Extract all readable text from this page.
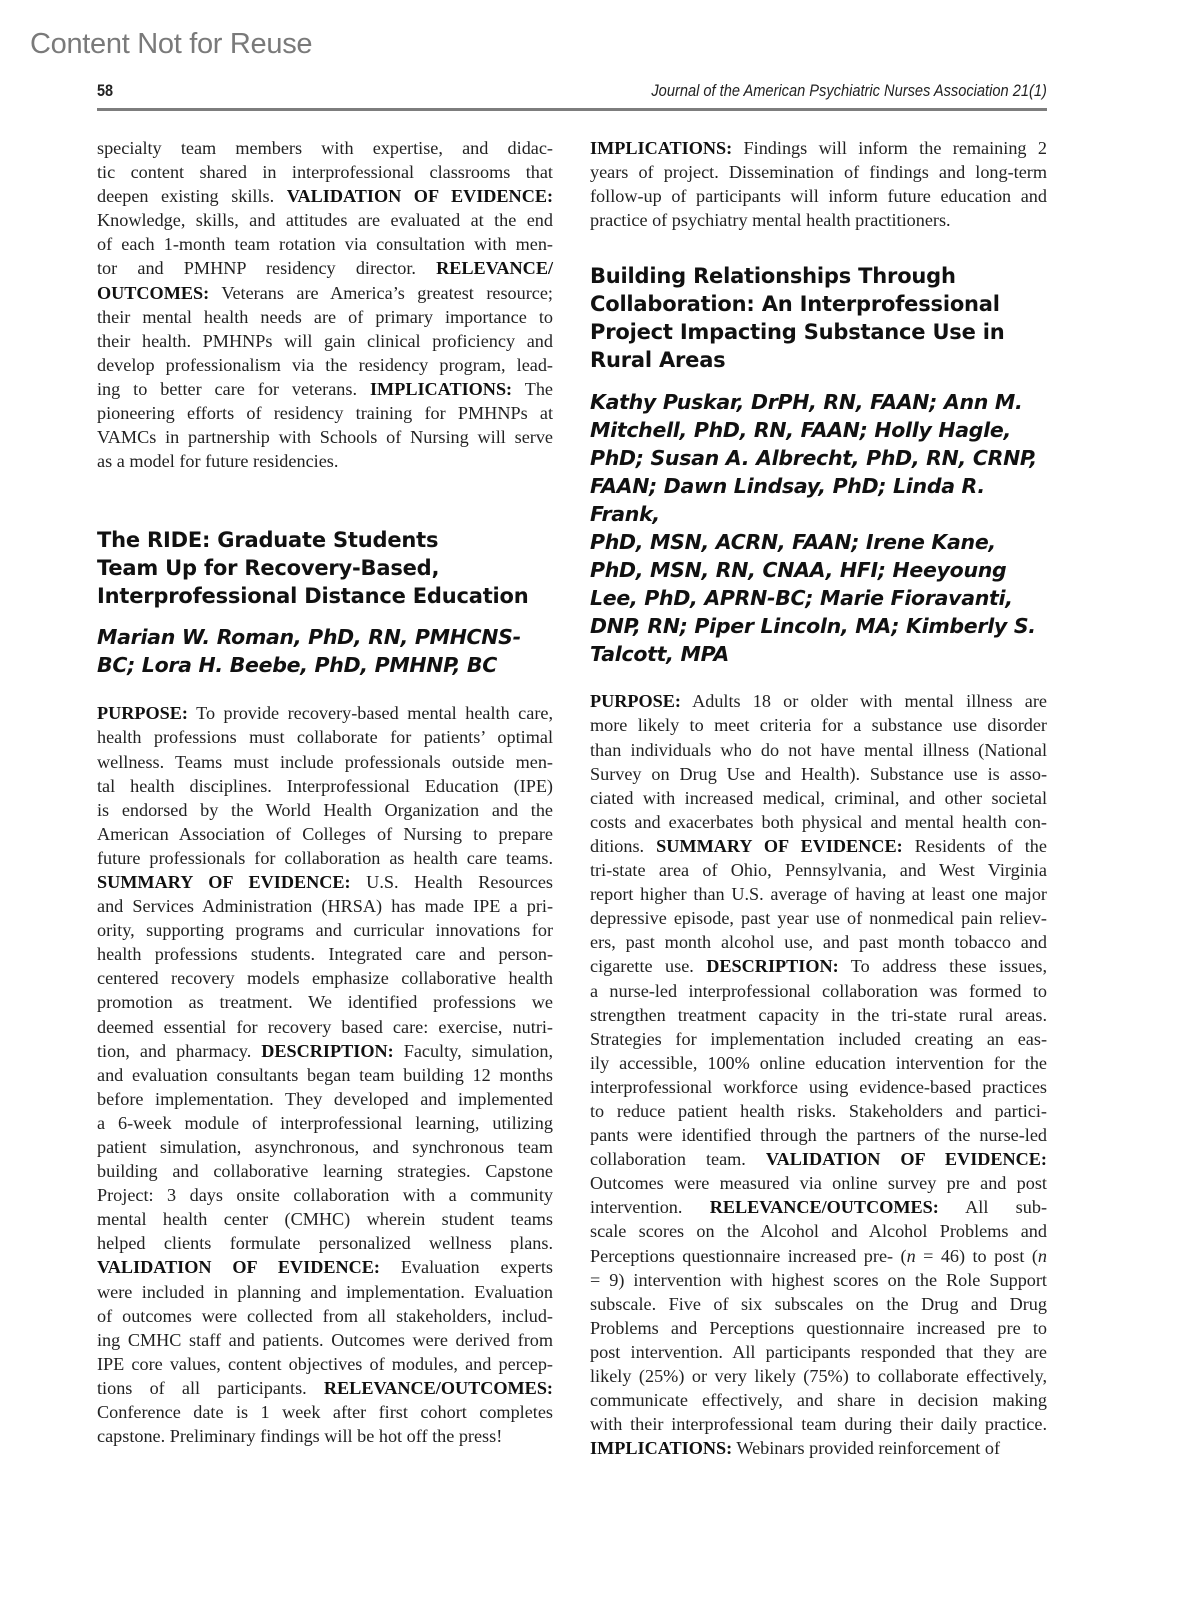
Content Not for Reuse
58	Journal of the American Psychiatric Nurses Association 21(1)
specialty team members with expertise, and didac-
tic content shared in interprofessional classrooms that
deepen existing skills. VALIDATION OF EVIDENCE:
Knowledge, skills, and attitudes are evaluated at the end
of each 1-month team rotation via consultation with men-
tor and PMHNP residency director. RELEVANCE/
OUTCOMES: Veterans are America’s greatest resource;
their mental health needs are of primary importance to
their health. PMHNPs will gain clinical proficiency and
develop professionalism via the residency program, lead-
ing to better care for veterans. IMPLICATIONS: The
pioneering efforts of residency training for PMHNPs at
VAMCs in partnership with Schools of Nursing will serve
as a model for future residencies.
The RIDE: Graduate Students
Team Up for Recovery-Based,
Interprofessional Distance Education
Marian W. Roman, PhD, RN, PMHCNS-
BC; Lora H. Beebe, PhD, PMHNP, BC
PURPOSE: To provide recovery-based mental health care,
health professions must collaborate for patients’ optimal
wellness. Teams must include professionals outside men-
tal health disciplines. Interprofessional Education (IPE)
is endorsed by the World Health Organization and the
American Association of Colleges of Nursing to prepare
future professionals for collaboration as health care teams.
SUMMARY OF EVIDENCE: U.S. Health Resources
and Services Administration (HRSA) has made IPE a pri-
ority, supporting programs and curricular innovations for
health professions students. Integrated care and person-
centered recovery models emphasize collaborative health
promotion as treatment. We identified professions we
deemed essential for recovery based care: exercise, nutri-
tion, and pharmacy. DESCRIPTION: Faculty, simulation,
and evaluation consultants began team building 12 months
before implementation. They developed and implemented
a 6-week module of interprofessional learning, utilizing
patient simulation, asynchronous, and synchronous team
building and collaborative learning strategies. Capstone
Project: 3 days onsite collaboration with a community
mental health center (CMHC) wherein student teams
helped clients formulate personalized wellness plans.
VALIDATION OF EVIDENCE: Evaluation experts
were included in planning and implementation. Evaluation
of outcomes were collected from all stakeholders, includ-
ing CMHC staff and patients. Outcomes were derived from
IPE core values, content objectives of modules, and percep-
tions of all participants. RELEVANCE/OUTCOMES:
Conference date is 1 week after first cohort completes
capstone. Preliminary findings will be hot off the press!
IMPLICATIONS: Findings will inform the remaining 2
years of project. Dissemination of findings and long-term
follow-up of participants will inform future education and
practice of psychiatry mental health practitioners.
Building Relationships Through
Collaboration: An Interprofessional
Project Impacting Substance Use in
Rural Areas
Kathy Puskar, DrPH, RN, FAAN; Ann M.
Mitchell, PhD, RN, FAAN; Holly Hagle,
PhD; Susan A. Albrecht, PhD, RN, CRNP,
FAAN; Dawn Lindsay, PhD; Linda R. Frank,
PhD, MSN, ACRN, FAAN; Irene Kane,
PhD, MSN, RN, CNAA, HFI; Heeyoung
Lee, PhD, APRN-BC; Marie Fioravanti,
DNP, RN; Piper Lincoln, MA; Kimberly S.
Talcott, MPA
PURPOSE: Adults 18 or older with mental illness are
more likely to meet criteria for a substance use disorder
than individuals who do not have mental illness (National
Survey on Drug Use and Health). Substance use is asso-
ciated with increased medical, criminal, and other societal
costs and exacerbates both physical and mental health con-
ditions. SUMMARY OF EVIDENCE: Residents of the
tri-state area of Ohio, Pennsylvania, and West Virginia
report higher than U.S. average of having at least one major
depressive episode, past year use of nonmedical pain reliev-
ers, past month alcohol use, and past month tobacco and
cigarette use. DESCRIPTION: To address these issues,
a nurse-led interprofessional collaboration was formed to
strengthen treatment capacity in the tri-state rural areas.
Strategies for implementation included creating an eas-
ily accessible, 100% online education intervention for the
interprofessional workforce using evidence-based practices
to reduce patient health risks. Stakeholders and partici-
pants were identified through the partners of the nurse-led
collaboration team. VALIDATION OF EVIDENCE:
Outcomes were measured via online survey pre and post
intervention. RELEVANCE/OUTCOMES: All sub-
scale scores on the Alcohol and Alcohol Problems and
Perceptions questionnaire increased pre- (n = 46) to post (n
= 9) intervention with highest scores on the Role Support
subscale. Five of six subscales on the Drug and Drug
Problems and Perceptions questionnaire increased pre to
post intervention. All participants responded that they are
likely (25%) or very likely (75%) to collaborate effectively,
communicate effectively, and share in decision making
with their interprofessional team during their daily practice.
IMPLICATIONS: Webinars provided reinforcement of
